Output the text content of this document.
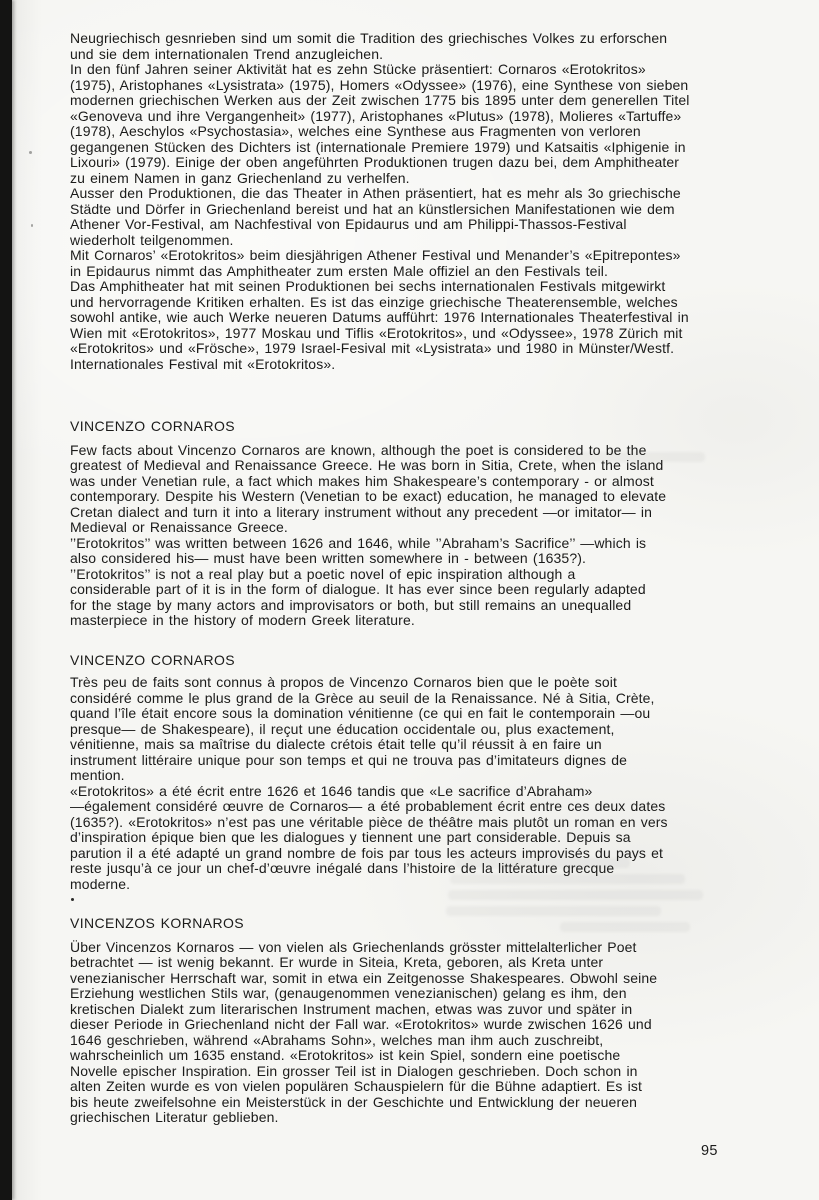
Neugriechisch gesnrieben sind um somit die Tradition des griechisches Volkes zu erforschen
und sie dem internationalen Trend anzugleichen.
In den fünf Jahren seiner Aktivität hat es zehn Stücke präsentiert: Cornaros «Erotokritos»
(1975), Aristophanes «Lysistrata» (1975), Homers «Odyssee» (1976), eine Synthese von sieben
modernen griechischen Werken aus der Zeit zwischen 1775 bis 1895 unter dem generellen Titel
«Genoveva und ihre Vergangenheit» (1977), Aristophanes «Plutus» (1978), Molieres «Tartuffe»
(1978), Aeschylos «Psychostasia», welches eine Synthese aus Fragmenten von verloren
gegangenen Stücken des Dichters ist (internationale Premiere 1979) und Katsaitis «Iphigenie in
Lixouri» (1979). Einige der oben angeführten Produktionen trugen dazu bei, dem Amphitheater
zu einem Namen in ganz Griechenland zu verhelfen.
Ausser den Produktionen, die das Theater in Athen präsentiert, hat es mehr als 3o griechische
Städte und Dörfer in Griechenland bereist und hat an künstlersichen Manifestationen wie dem
Athener Vor-Festival, am Nachfestival von Epidaurus und am Philippi-Thassos-Festival
wiederholt teilgenommen.
Mit Cornaros’ «Erotokritos» beim diesjährigen Athener Festival und Menander’s «Epitrepontes»
in Epidaurus nimmt das Amphitheater zum ersten Male offiziel an den Festivals teil.
Das Amphitheater hat mit seinen Produktionen bei sechs internationalen Festivals mitgewirkt
und hervorragende Kritiken erhalten. Es ist das einzige griechische Theaterensemble, welches
sowohl antike, wie auch Werke neueren Datums aufführt: 1976 Internationales Theaterfestival in
Wien mit «Erotokritos», 1977 Moskau und Tiflis «Erotokritos», und «Odyssee», 1978 Zürich mit
«Erotokritos» und «Frösche», 1979 Israel-Fesival mit «Lysistrata» und 1980 in Münster/Westf.
Internationales Festival mit «Erotokritos».
VINCENZO CORNAROS
Few facts about Vincenzo Cornaros are known, although the poet is considered to be the
greatest of Medieval and Renaissance Greece. He was born in Sitia, Crete, when the island
was under Venetian rule, a fact which makes him Shakespeare’s contemporary - or almost
contemporary. Despite his Western (Venetian to be exact) education, he managed to elevate
Cretan dialect and turn it into a literary instrument without any precedent —or imitator— in
Medieval or Renaissance Greece.
’’Erotokritos’’ was written between 1626 and 1646, while ’’Abraham’s Sacrifice’’ —which is
also considered his— must have been written somewhere in - between (1635?).
’’Erotokritos’’ is not a real play but a poetic novel of epic inspiration although a
considerable part of it is in the form of dialogue. It has ever since been regularly adapted
for the stage by many actors and improvisators or both, but still remains an unequalled
masterpiece in the history of modern Greek literature.
VINCENZO CORNAROS
Très peu de faits sont connus à propos de Vincenzo Cornaros bien que le poète soit
considéré comme le plus grand de la Grèce au seuil de la Renaissance. Né à Sitia, Crète,
quand l’île était encore sous la domination vénitienne (ce qui en fait le contemporain —ou
presque— de Shakespeare), il reçut une éducation occidentale ou, plus exactement,
vénitienne, mais sa maîtrise du dialecte crétois était telle qu’il réussit à en faire un
instrument littéraire unique pour son temps et qui ne trouva pas d’imitateurs dignes de
mention.
«Erotokritos» a été écrit entre 1626 et 1646 tandis que «Le sacrifice d’Abraham»
—également considéré œuvre de Cornaros— a été probablement écrit entre ces deux dates
(1635?). «Erotokritos» n’est pas une véritable pièce de théâtre mais plutôt un roman en vers
d’inspiration épique bien que les dialogues y tiennent une part considerable. Depuis sa
parution il a été adapté un grand nombre de fois par tous les acteurs improvisés du pays et
reste jusqu’à ce jour un chef-d’œuvre inégalé dans l’histoire de la littérature grecque
moderne.
VINCENZOS KORNAROS
Über Vincenzos Kornaros — von vielen als Griechenlands grösster mittelalterlicher Poet
betrachtet — ist wenig bekannt. Er wurde in Siteia, Kreta, geboren, als Kreta unter
venezianischer Herrschaft war, somit in etwa ein Zeitgenosse Shakespeares. Obwohl seine
Erziehung westlichen Stils war, (genaugenommen venezianischen) gelang es ihm, den
kretischen Dialekt zum literarischen Instrument machen, etwas was zuvor und später in
dieser Periode in Griechenland nicht der Fall war. «Erotokritos» wurde zwischen 1626 und
1646 geschrieben, während «Abrahams Sohn», welches man ihm auch zuschreibt,
wahrscheinlich um 1635 enstand. «Erotokritos» ist kein Spiel, sondern eine poetische
Novelle epischer Inspiration. Ein grosser Teil ist in Dialogen geschrieben. Doch schon in
alten Zeiten wurde es von vielen populären Schauspielern für die Bühne adaptiert. Es ist
bis heute zweifelsohne ein Meisterstück in der Geschichte und Entwicklung der neueren
griechischen Literatur geblieben.
95
